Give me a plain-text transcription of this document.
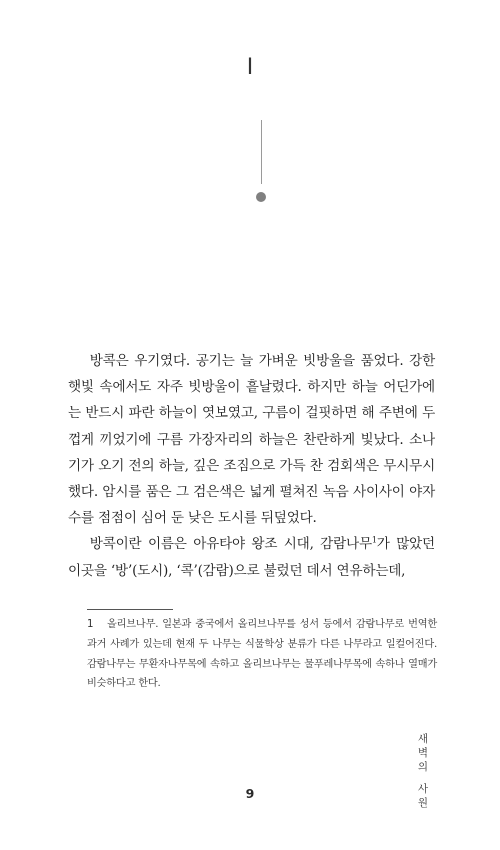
I

방콕은 우기였다. 공기는 늘 가벼운 빗방울을 품었다. 강한 햇빛 속에서도 자주 빗방울이 흩날렸다. 하지만 하늘 어딘가에는 반드시 파란 하늘이 엿보였고, 구름이 걸핏하면 해 주변에 두껍게 끼었기에 구름 가장자리의 하늘은 찬란하게 빛났다. 소나기가 오기 전의 하늘, 깊은 조짐으로 가득 찬 검회색은 무시무시했다. 암시를 품은 그 검은색은 넓게 펼쳐진 녹음 사이사이 야자수를 점점이 심어 둔 낮은 도시를 뒤덮었다.

방콕이란 이름은 아유타야 왕조 시대, 감람나무$^1$가 많았던 이곳을 ‘방’(도시), ‘콕’(감람)으로 불렀던 데서 연유하는데,

1 올리브나무. 일본과 중국에서 올리브나무를 성서 등에서 감람나무로 번역한 과거 사례가 있는데 현재 두 나무는 식물학상 분류가 다른 나무라고 일컬어진다. 감람나무는 무환자나무목에 속하고 올리브나무는 물푸레나무목에 속하나 열매가 비슷하다고 한다.
새벽의
사원
9
